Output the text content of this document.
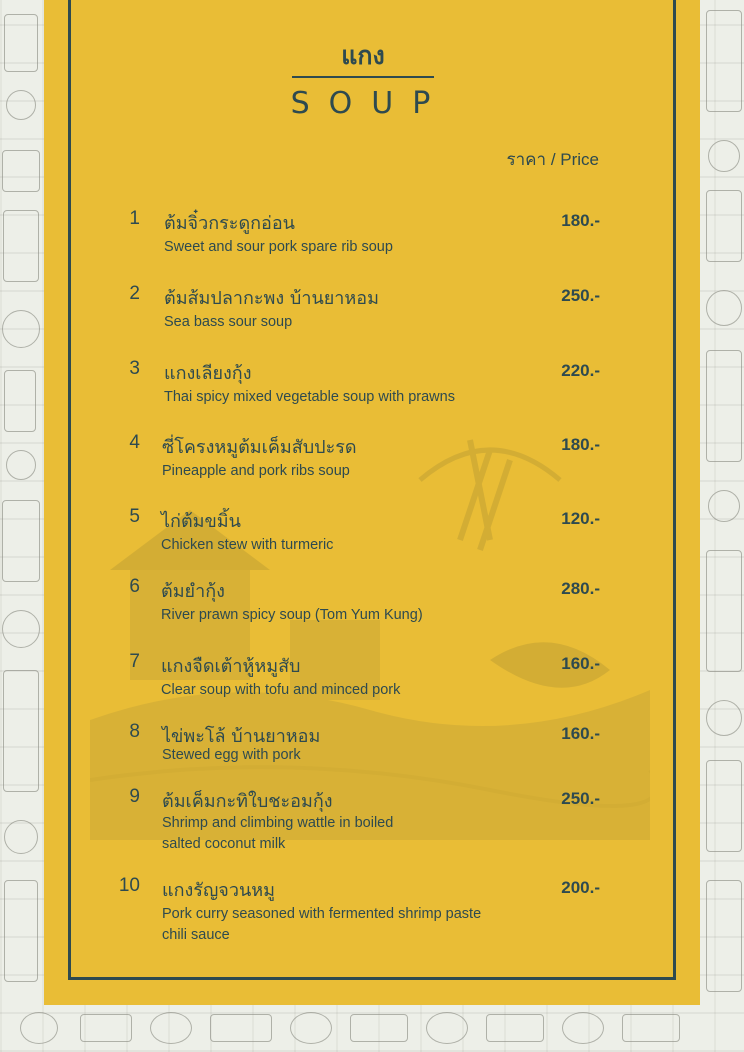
แกง
SOUP
ราคา / Price
1 ต้มจิ๋วกระดูกอ่อน
Sweet and sour pork spare rib soup
180.-
2 ต้มส้มปลากะพง บ้านยาหอม
Sea bass sour soup
250.-
3 แกงเลียงกุ้ง
Thai spicy mixed vegetable soup with prawns
220.-
4 ซี่โครงหมูต้มเค็มสับปะรด
Pineapple and pork ribs soup
180.-
5 ไก่ต้มขมิ้น
Chicken stew with turmeric
120.-
6 ต้มยำกุ้ง
River prawn spicy soup (Tom Yum Kung)
280.-
7 แกงจืดเต้าหู้หมูสับ
Clear soup with tofu and minced pork
160.-
8 ไข่พะโล้ บ้านยาหอม
Stewed egg with pork
160.-
9 ต้มเค็มกะทิใบชะอมกุ้ง
Shrimp and climbing wattle in boiled salted coconut milk
250.-
10 แกงรัญจวนหมู
Pork curry seasoned with fermented shrimp paste chili sauce
200.-
